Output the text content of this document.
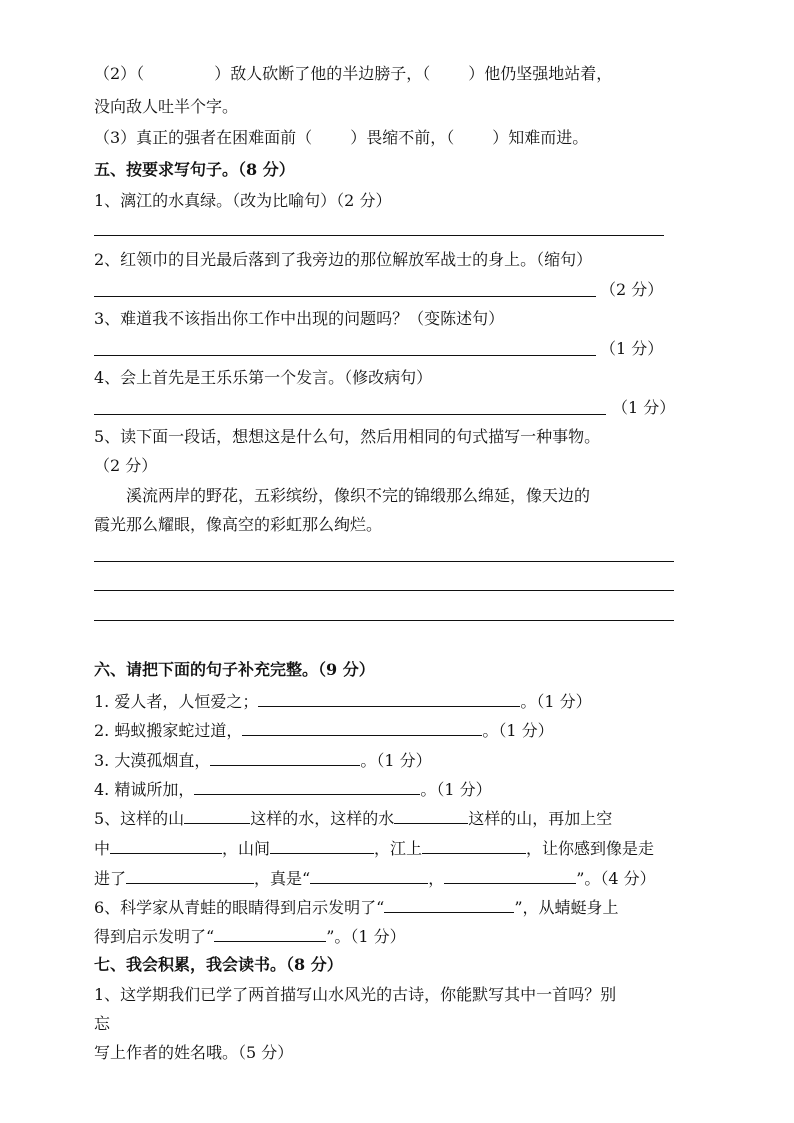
（2）（	）敌人砍断了他的半边膀子，（ ）他仍坚强地站着，
没向敌人吐半个字。
（3）真正的强者在困难面前（ ）畏缩不前，（ ）知难而进。
五、按要求写句子。（8 分）
1、漓江的水真绿。（改为比喻句）（2 分）
2、红领巾的目光最后落到了我旁边的那位解放军战士的身上。（缩句）
（2 分）
3、难道我不该指出你工作中出现的问题吗？（变陈述句）
（1 分）
4、会上首先是王乐乐第一个发言。（修改病句）
（1 分）
5、读下面一段话，想想这是什么句，然后用相同的句式描写一种事物。
（2 分）
溪流两岸的野花，五彩缤纷，像织不完的锦缎那么绵延，像天边的
霞光那么耀眼，像高空的彩虹那么绚烂。
六、请把下面的句子补充完整。（9 分）
1. 爱人者，人恒爱之；	。（1 分）
2. 蚂蚁搬家蛇过道，	。（1 分）
3. 大漠孤烟直，	。（1 分）
4. 精诚所加，	。（1 分）
5、这样的山	这样的水，这样的水	这样的山，再加上空
中	，山间	，江上	，让你感到像是走
进了	，真是“	，	”。（4 分）
6、科学家从青蛙的眼睛得到启示发明了“	”，从蜻蜓身上
得到启示发明了“	”。（1 分）
七、我会积累，我会读书。（8 分）
1、这学期我们已学了两首描写山水风光的古诗，你能默写其中一首吗？别
忘
写上作者的姓名哦。（5 分）
